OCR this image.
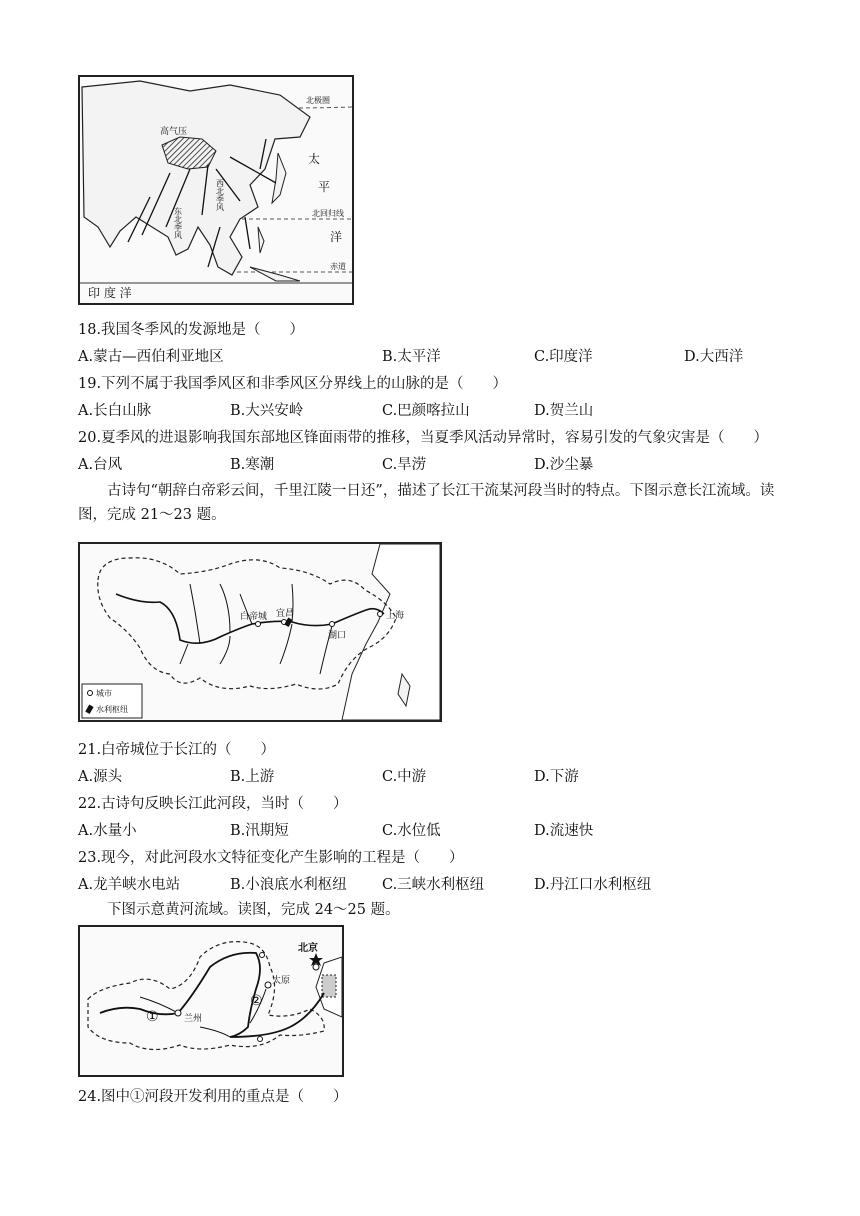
北极圈
高气压
太
平
洋
北回归线
赤道
印 度 洋
西北季风
东北季风
18.我国冬季风的发源地是（　　）
A.蒙古—西伯利亚地区	B.太平洋	C.印度洋	D.大西洋
19.下列不属于我国季风区和非季风区分界线上的山脉的是（　　）
A.长白山脉	B.大兴安岭	C.巴颜喀拉山	D.贺兰山
20.夏季风的进退影响我国东部地区锋面雨带的推移，当夏季风活动异常时，容易引发的气象灾害是（　　）
A.台风	B.寒潮	C.旱涝	D.沙尘暴
古诗句“朝辞白帝彩云间，千里江陵一日还”，描述了长江干流某河段当时的特点。下图示意长江流域。读图，完成 21～23 题。
白帝城 宜昌
湖口
上海
城市
水利枢纽
21.白帝城位于长江的（　　）
A.源头	B.上游	C.中游	D.下游
22.古诗句反映长江此河段，当时（　　）
A.水量小	B.汛期短	C.水位低	D.流速快
23.现今，对此河段水文特征变化产生影响的工程是（　　）
A.龙羊峡水电站	B.小浪底水利枢纽 C.三峡水利枢纽	D.丹江口水利枢纽
下图示意黄河流域。读图，完成 24～25 题。
北京
太原
兰州
①
②
24.图中①河段开发利用的重点是（　　）
